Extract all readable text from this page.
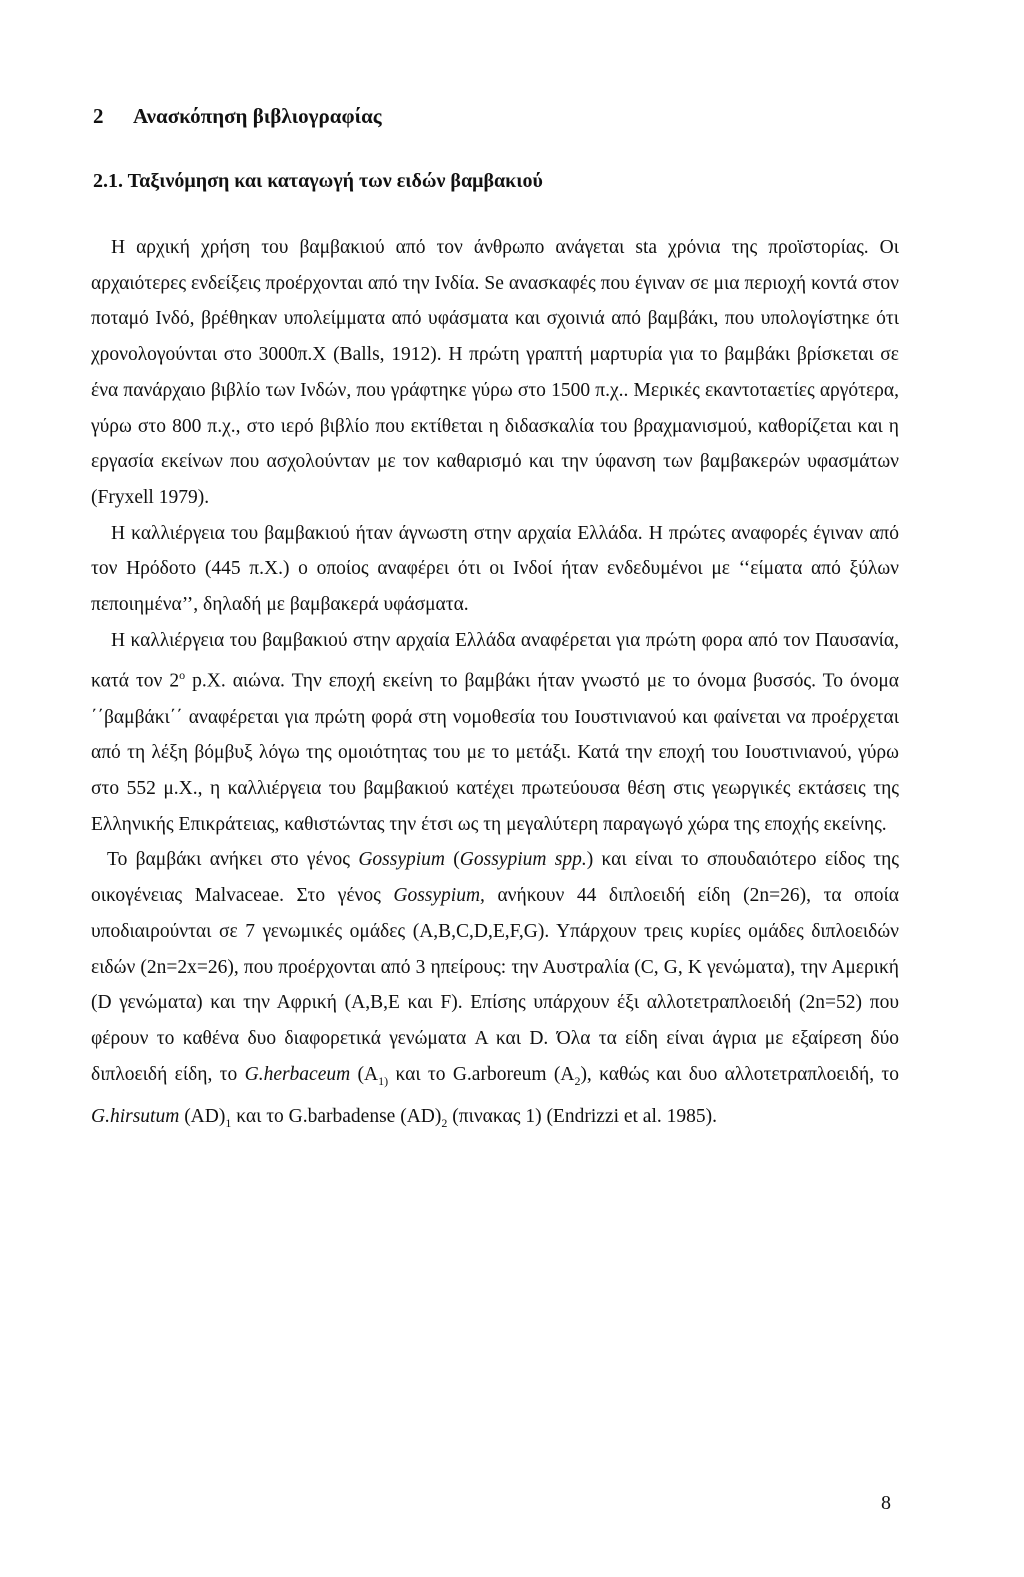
2 Ανασκόπηση βιβλιογραφίας
2.1. Ταξινόμηση και καταγωγή των ειδών βαμβακιού

Η αρχική χρήση του βαμβακιού από τον άνθρωπο ανάγεται sta χρόνια της προϊστορίας. Οι αρχαιότερες ενδείξεις προέρχονται από την Ινδία. Se ανασκαφές που έγιναν σε μια περιοχή κοντά στον ποταμό Ινδό, βρέθηκαν υπολείμματα από υφάσματα και σχοινιά από βαμβάκι, που υπολογίστηκε ότι χρονολογούνται στο 3000π.Χ (Balls, 1912). Η πρώτη γραπτή μαρτυρία για το βαμβάκι βρίσκεται σε ένα πανάρχαιο βιβλίο των Ινδών, που γράφτηκε γύρω στο 1500 π.χ.. Μερικές εκαντοταετίες αργότερα, γύρω στο 800 π.χ., στο ιερό βιβλίο που εκτίθεται η διδασκαλία του βραχμανισμού, καθορίζεται και η εργασία εκείνων που ασχολούνταν με τον καθαρισμό και την ύφανση των βαμβακερών υφασμάτων (Fryxell 1979).

Η καλλιέργεια του βαμβακιού ήταν άγνωστη στην αρχαία Ελλάδα. Η πρώτες αναφορές έγιναν από τον Ηρόδοτο (445 π.Χ.) ο οποίος αναφέρει ότι οι Ινδοί ήταν ενδεδυμένοι με ‘‘είματα από ξύλων πεποιημένα’’, δηλαδή με βαμβακερά υφάσματα.

Η καλλιέργεια του βαμβακιού στην αρχαία Ελλάδα αναφέρεται για πρώτη φορα από τον Παυσανία, κατά τον 2$^o$ p.Χ. αιώνα. Την εποχή εκείνη το βαμβάκι ήταν γνωστό με το όνομα βυσσός. Το όνομα ΄΄βαμβάκι΄΄ αναφέρεται για πρώτη φορά στη νομοθεσία του Ιουστινιανού και φαίνεται να προέρχεται από τη λέξη βόμβυξ λόγω της ομοιότητας του με το μετάξι. Κατά την εποχή του Ιουστινιανού, γύρω στο 552 μ.Χ., η καλλιέργεια του βαμβακιού κατέχει πρωτεύουσα θέση στις γεωργικές εκτάσεις της Ελληνικής Επικράτειας, καθιστώντας την έτσι ως τη μεγαλύτερη παραγωγό χώρα της εποχής εκείνης.

Το βαμβάκι ανήκει στο γένος Gossypium (Gossypium spp.) και είναι το σπουδαιότερο είδος της οικογένειας Malvaceae. Στο γένος Gossypium, ανήκουν 44 διπλοειδή είδη (2n=26), τα οποία υποδιαιρούνται σε 7 γενωμικές ομάδες (A,B,C,D,E,F,G). Υπάρχουν τρεις κυρίες ομάδες διπλοειδών ειδών (2n=2x=26), που προέρχονται από 3 ηπείρους: την Αυστραλία (C, G, K γενώματα), την Αμερική (D γενώματα) και την Αφρική (A,B,E και F). Επίσης υπάρχουν έξι αλλοτετραπλοειδή (2n=52) που φέρουν το καθένα δυο διαφορετικά γενώματα A και D. Όλα τα είδη είναι άγρια με εξαίρεση δύο διπλοειδή είδη, το G.herbaceum ($A_{1)}$ και το G.arboreum $(A_2)$, καθώς και δυο αλλοτετραπλοειδή, το G.hirsutum $(AD)_1$ και το G.barbadense $(AD)_2$ (πινακας 1) (Endrizzi et al. 1985).

8
